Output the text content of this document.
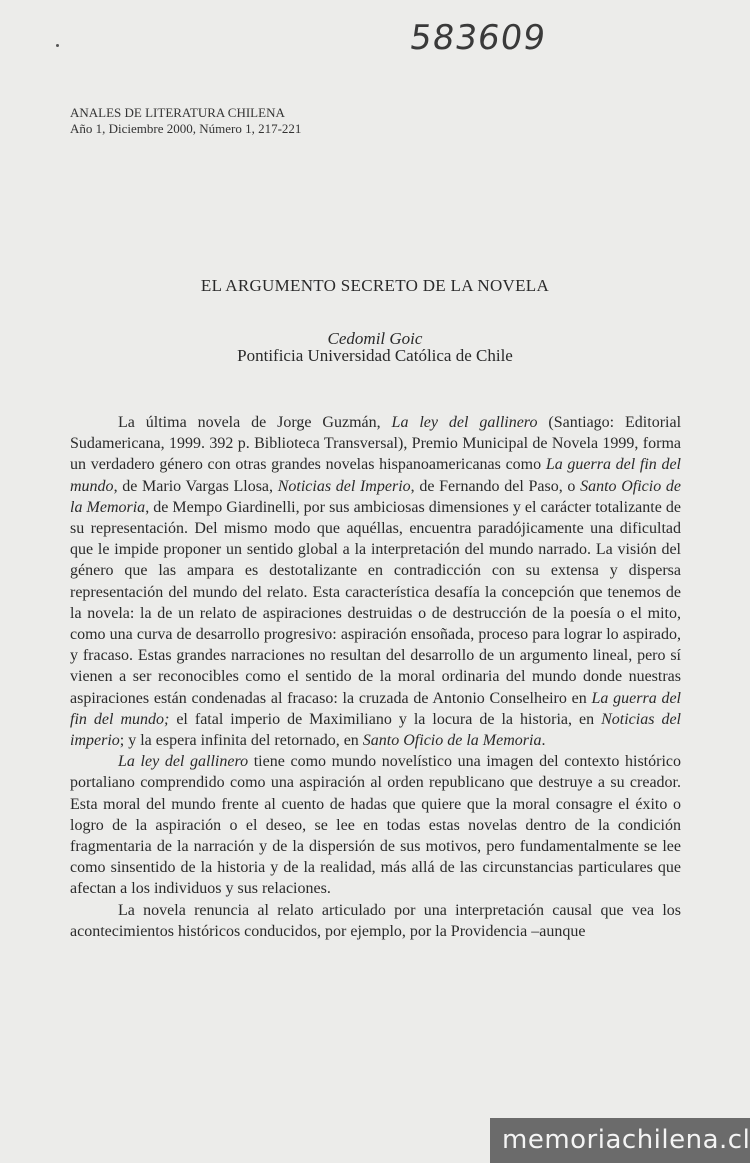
583609
ANALES DE LITERATURA CHILENA
Año 1, Diciembre 2000, Número 1, 217-221
EL ARGUMENTO SECRETO DE LA NOVELA
Cedomil Goic
Pontificia Universidad Católica de Chile

La última novela de Jorge Guzmán, La ley del gallinero (Santiago: Editorial Sudamericana, 1999. 392 p. Biblioteca Transversal), Premio Municipal de Novela 1999, forma un verdadero género con otras grandes novelas hispanoamericanas como La guerra del fin del mundo, de Mario Vargas Llosa, Noticias del Imperio, de Fernando del Paso, o Santo Oficio de la Memoria, de Mempo Giardinelli, por sus ambiciosas dimensiones y el carácter totalizante de su representación. Del mismo modo que aquéllas, encuentra paradójicamente una dificultad que le impide proponer un sentido global a la interpretación del mundo narrado. La visión del género que las ampara es destotalizante en contradicción con su extensa y dispersa representación del mundo del relato. Esta característica desafía la concepción que tenemos de la novela: la de un relato de aspiraciones destruidas o de destrucción de la poesía o el mito, como una curva de desarrollo progresivo: aspiración ensoñada, proceso para lograr lo aspirado, y fracaso. Estas grandes narraciones no resultan del desarrollo de un argumento lineal, pero sí vienen a ser reconocibles como el sentido de la moral ordinaria del mundo donde nuestras aspiraciones están condenadas al fracaso: la cruzada de Antonio Conselheiro en La guerra del fin del mundo; el fatal imperio de Maximiliano y la locura de la historia, en Noticias del imperio; y la espera infinita del retornado, en Santo Oficio de la Memoria.

La ley del gallinero tiene como mundo novelístico una imagen del contexto histórico portaliano comprendido como una aspiración al orden republicano que destruye a su creador. Esta moral del mundo frente al cuento de hadas que quiere que la moral consagre el éxito o logro de la aspiración o el deseo, se lee en todas estas novelas dentro de la condición fragmentaria de la narración y de la dispersión de sus motivos, pero fundamentalmente se lee como sinsentido de la historia y de la realidad, más allá de las circunstancias particulares que afectan a los individuos y sus relaciones.

La novela renuncia al relato articulado por una interpretación causal que vea los acontecimientos históricos conducidos, por ejemplo, por la Providencia –aunque

memoriachilena.cl
